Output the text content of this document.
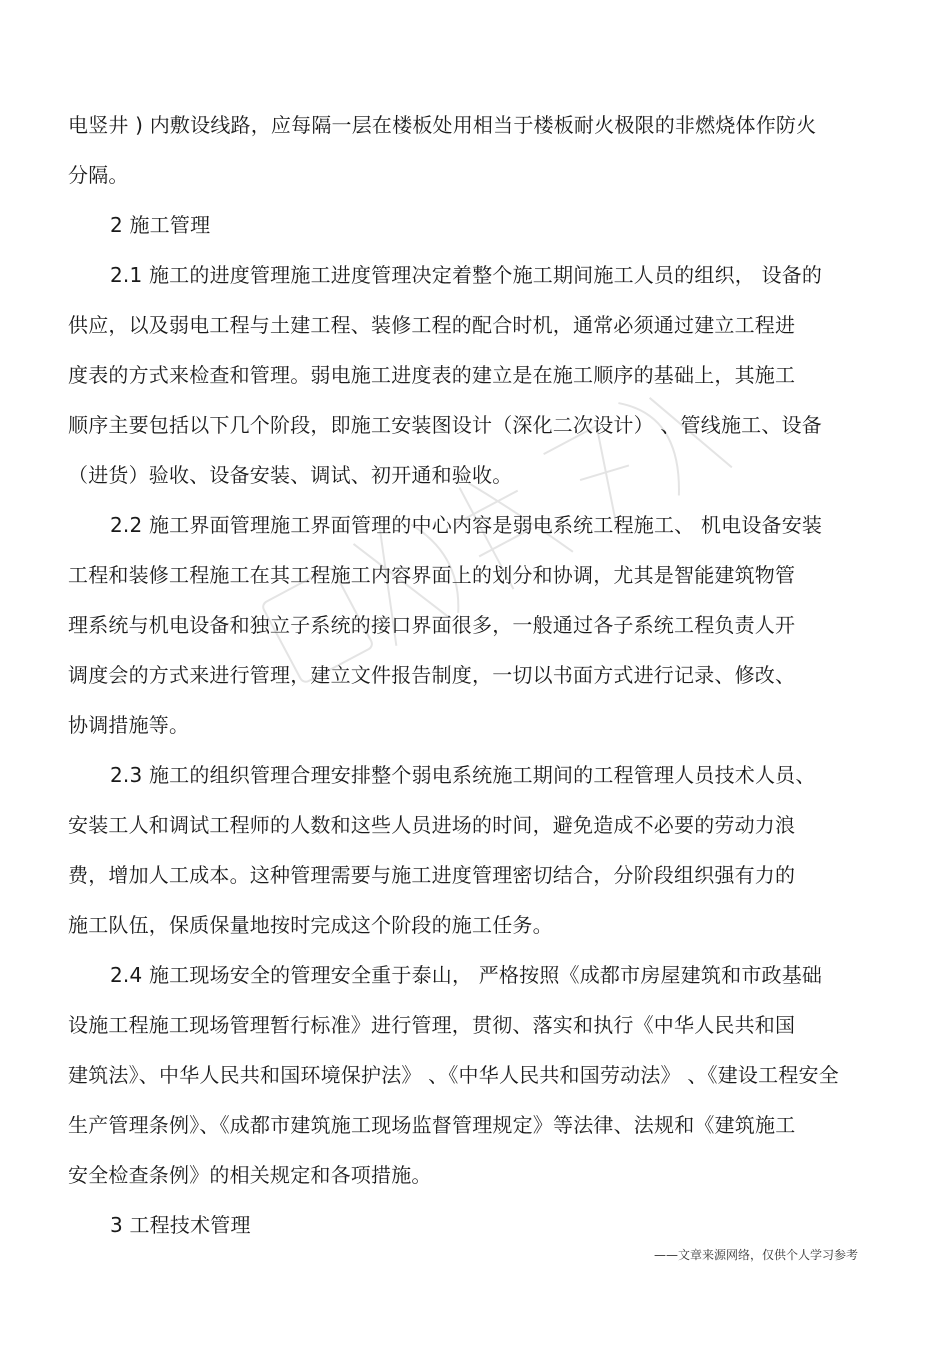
电竖井 ) 内敷设线路，应每隔一层在楼板处用相当于楼板耐火极限的非燃烧体作防火
分隔。
2 施工管理
2.1 施工的进度管理施工进度管理决定着整个施工期间施工人员的组织， 设备的
供应，以及弱电工程与土建工程、装修工程的配合时机，通常必须通过建立工程进
度表的方式来检查和管理。弱电施工进度表的建立是在施工顺序的基础上，其施工
顺序主要包括以下几个阶段，即施工安装图设计（深化二次设计） 、管线施工、设备
（进货）验收、设备安装、调试、初开通和验收。
2.2 施工界面管理施工界面管理的中心内容是弱电系统工程施工、 机电设备安装
工程和装修工程施工在其工程施工内容界面上的划分和协调，尤其是智能建筑物管
理系统与机电设备和独立子系统的接口界面很多，一般通过各子系统工程负责人开
调度会的方式来进行管理，建立文件报告制度，一切以书面方式进行记录、修改、
协调措施等。
2.3 施工的组织管理合理安排整个弱电系统施工期间的工程管理人员技术人员、
安装工人和调试工程师的人数和这些人员进场的时间，避免造成不必要的劳动力浪
费，增加人工成本。这种管理需要与施工进度管理密切结合，分阶段组织强有力的
施工队伍，保质保量地按时完成这个阶段的施工任务。
2.4 施工现场安全的管理安全重于泰山， 严格按照《成都市房屋建筑和市政基础
设施工程施工现场管理暂行标准》进行管理，贯彻、落实和执行《中华人民共和国
建筑法》、中华人民共和国环境保护法》 、《中华人民共和国劳动法》 、《建设工程安全
生产管理条例》、《成都市建筑施工现场监督管理规定》等法律、法规和《建筑施工
安全检查条例》的相关规定和各项措施。
3 工程技术管理
——文章来源网络，仅供个人学习参考
